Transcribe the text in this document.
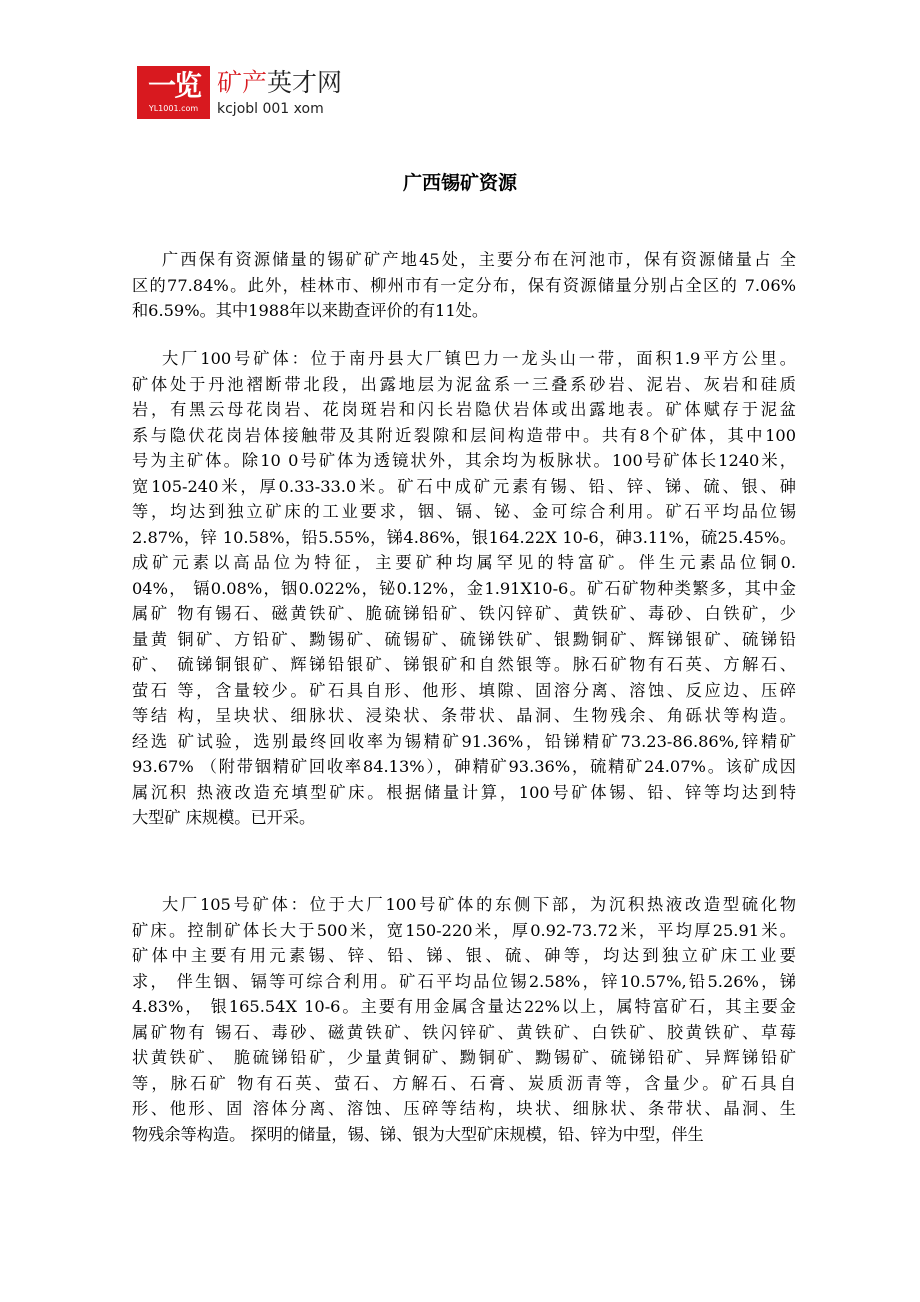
一览
YL1001.com
矿产英才网
kcjobl 001 xom
广西锡矿资源
广西保有资源储量的锡矿矿产地45处，主要分布在河池市，保有资源储量占 全
区的77.84%。此外，桂林市、柳州市有一定分布，保有资源储量分别占全区的 7.06%
和6.59%。其中1988年以来勘查评价的有11处。
大厂100号矿体：位于南丹县大厂镇巴力一龙头山一带，面积1.9平方公里。
矿体处于丹池褶断带北段，出露地层为泥盆系一三叠系砂岩、泥岩、灰岩和硅质
岩，有黑云母花岗岩、花岗斑岩和闪长岩隐伏岩体或出露地表。矿体赋存于泥盆
系与隐伏花岗岩体接触带及其附近裂隙和层间构造带中。共有8个矿体，其中100
号为主矿体。除10 0号矿体为透镜状外，其余均为板脉状。100号矿体长1240米，
宽105-240米，厚0.33-33.0米。矿石中成矿元素有锡、铅、锌、锑、硫、银、砷
等，均达到独立矿床的工业要求，铟、镉、铋、金可综合利用。矿石平均品位锡
2.87%，锌 10.58%，铅5.55%，锑4.86%，银164.22X 10-6，砷3.11%，硫25.45%。
成矿元素以高品位为特征，主要矿种均属罕见的特富矿。伴生元素品位铜0.
04%， 镉0.08%，铟0.022%，铋0.12%，金1.91X10-6。矿石矿物种类繁多，其中金
属矿 物有锡石、磁黄铁矿、脆硫锑铅矿、铁闪锌矿、黄铁矿、毒砂、白铁矿，少
量黄 铜矿、方铅矿、黝锡矿、硫锡矿、硫锑铁矿、银黝铜矿、辉锑银矿、硫锑铅
矿、 硫锑铜银矿、辉锑铅银矿、锑银矿和自然银等。脉石矿物有石英、方解石、
萤石 等，含量较少。矿石具自形、他形、填隙、固溶分离、溶蚀、反应边、压碎
等结 构，呈块状、细脉状、浸染状、条带状、晶洞、生物残余、角砾状等构造。
经选 矿试验，选别最终回收率为锡精矿91.36%，铅锑精矿73.23-86.86%,锌精矿
93.67% （附带铟精矿回收率84.13%），砷精矿93.36%，硫精矿24.07%。该矿成因
属沉积 热液改造充填型矿床。根据储量计算，100号矿体锡、铅、锌等均达到特
大型矿 床规模。已开采。
大厂105号矿体：位于大厂100号矿体的东侧下部，为沉积热液改造型硫化物
矿床。控制矿体长大于500米，宽150-220米，厚0.92-73.72米，平均厚25.91米。
矿体中主要有用元素锡、锌、铅、锑、银、硫、砷等，均达到独立矿床工业要
求， 伴生铟、镉等可综合利用。矿石平均品位锡2.58%，锌10.57%,铅5.26%，锑
4.83%， 银165.54X 10-6。主要有用金属含量达22%以上，属特富矿石，其主要金
属矿物有 锡石、毒砂、磁黄铁矿、铁闪锌矿、黄铁矿、白铁矿、胶黄铁矿、草莓
状黄铁矿、 脆硫锑铅矿，少量黄铜矿、黝铜矿、黝锡矿、硫锑铅矿、异辉锑铅矿
等，脉石矿 物有石英、萤石、方解石、石膏、炭质沥青等，含量少。矿石具自
形、他形、固 溶体分离、溶蚀、压碎等结构，块状、细脉状、条带状、晶洞、生
物残余等构造。 探明的储量，锡、锑、银为大型矿床规模，铅、锌为中型，伴生
